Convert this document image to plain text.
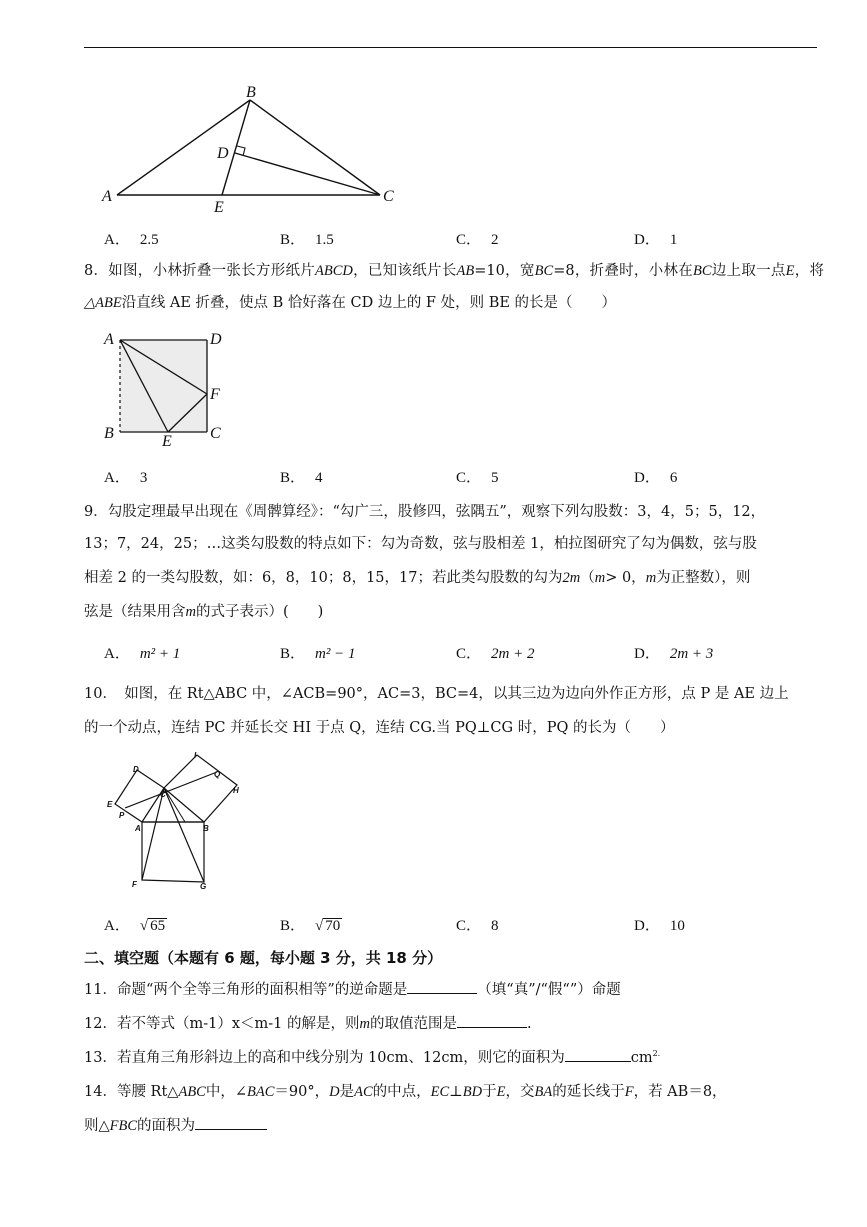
B
D
A
E
C
A． 2.5	B． 1.5	C． 2	D． 1
8．如图，小林折叠一张长方形纸片ABCD，已知该纸片长AB=10，宽BC=8，折叠时，小林在BC边上取一点E，将△ABE沿直线 AE 折叠，使点 B 恰好落在 CD 边上的 F 处，则 BE 的长是（　　）
A	D
F
B	E C
A． 3	B． 4	C． 5	D． 6
9．勾股定理最早出现在《周髀算经》：“勾广三，股修四，弦隅五”，观察下列勾股数：3，4，5；5，12，
13；7，24，25；…这类勾股数的特点如下：勾为奇数，弦与股相差 1，柏拉图研究了勾为偶数，弦与股
相差 2 的一类勾股数，如：6，8，10；8，15，17；若此类勾股数的勾为2m（m> 0，m为正整数），则
弦是（结果用含m的式子表示）(　　)
A． m² + 1	B． m² − 1	C． 2m + 2	D． 2m + 3
10．　如图，在 Rt△ABC 中，∠ACB=90°，AC=3，BC=4，以其三边为边向外作正方形，点 P 是 AE 边上
的一个动点，连结 PC 并延长交 HI 于点 Q，连结 CG.当 PQ⊥CG 时，PQ 的长为（　　）
D
I
Q
H
C
E
P
A	B
F	G
A． √ 65	B． √ 70	C． 8	D． 10
二、填空题（本题有 6 题，每小题 3 分，共 18 分）
11．命题“两个全等三角形的面积相等”的逆命题是	（填“真”/“假“”）命题
12．若不等式（m-1）x＜m-1 的解是，则m的取值范围是	.
13．若直角三角形斜边上的高和中线分别为 10cm、12cm，则它的面积为	$cm^{2.}$
14．等腰 Rt△ABC中，∠BAC＝90°，D是AC的中点，EC⊥BD于E，交BA的延长线于F，若 AB＝8，
则△FBC的面积为
